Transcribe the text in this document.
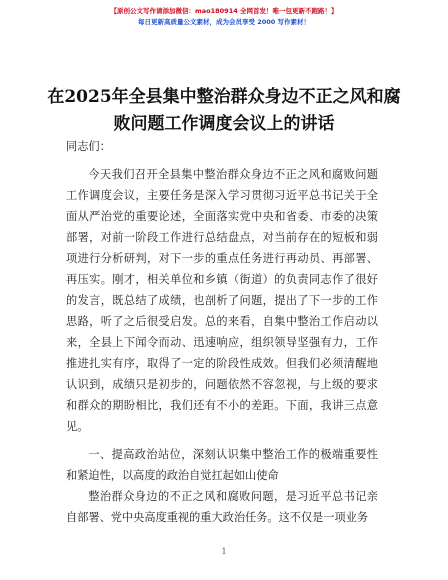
【原创公文写作请添加微信：mao180914 全网首发！唯一包更新不跑路！】
每日更新高质量公文素材，成为会员享受 2000 写作素材！
在2025年全县集中整治群众身边不正之风和腐败问题工作调度会议上的讲话

同志们：

今天我们召开全县集中整治群众身边不正之风和腐败问题工作调度会议，主要任务是深入学习贯彻习近平总书记关于全面从严治党的重要论述，全面落实党中央和省委、市委的决策部署，对前一阶段工作进行总结盘点，对当前存在的短板和弱项进行分析研判，对下一步的重点任务进行再动员、再部署、再压实。刚才，相关单位和乡镇（街道）的负责同志作了很好的发言，既总结了成绩，也剖析了问题，提出了下一步的工作思路，听了之后很受启发。总的来看，自集中整治工作启动以来，全县上下闻令而动、迅速响应，组织领导坚强有力，工作推进扎实有序，取得了一定的阶段性成效。但我们必须清醒地认识到，成绩只是初步的，问题依然不容忽视，与上级的要求和群众的期盼相比，我们还有不小的差距。下面，我讲三点意见。

一、提高政治站位，深刻认识集中整治工作的极端重要性和紧迫性，以高度的政治自觉扛起如山使命

整治群众身边的不正之风和腐败问题，是习近平总书记亲自部署、党中央高度重视的重大政治任务。这不仅是一项业务

1
